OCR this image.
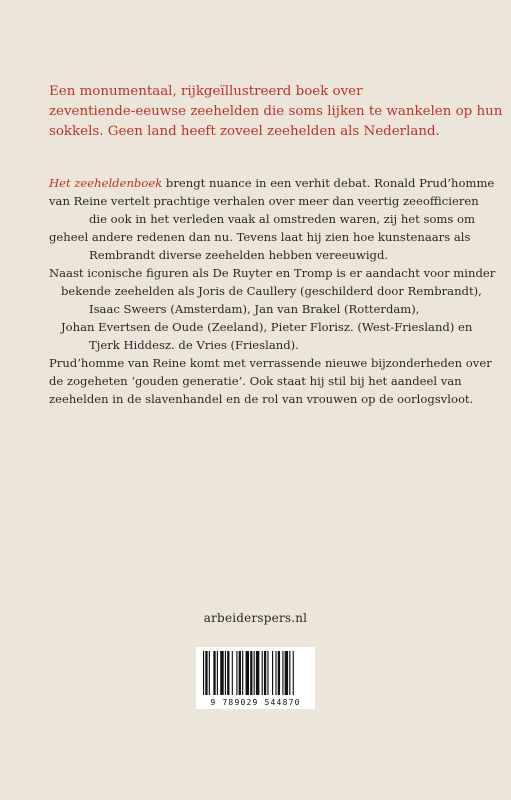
Een monumentaal, rijkgeïllustreerd boek over
zeventiende-eeuwse zeehelden die soms lijken te wankelen op hun
sokkels. Geen land heeft zoveel zeehelden als Nederland.

Het zeeheldenboek brengt nuance in een verhit debat. Ronald Prud’homme
van Reine vertelt prachtige verhalen over meer dan veertig zeeofficieren
die ook in het verleden vaak al omstreden waren, zij het soms om
geheel andere redenen dan nu. Tevens laat hij zien hoe kunstenaars als
Rembrandt diverse zeehelden hebben vereeuwigd.
Naast iconische figuren als De Ruyter en Tromp is er aandacht voor minder
bekende zeehelden als Joris de Caullery (geschilderd door Rembrandt),
Isaac Sweers (Amsterdam), Jan van Brakel (Rotterdam),
Johan Evertsen de Oude (Zeeland), Pieter Florisz. (West-Friesland) en
Tjerk Hiddesz. de Vries (Friesland).
Prud’homme van Reine komt met verrassende nieuwe bijzonderheden over
de zogeheten ‘gouden generatie’. Ook staat hij stil bij het aandeel van
zeehelden in de slavenhandel en de rol van vrouwen op de oorlogsvloot.
arbeiderspers.nl
9 789029 544870
